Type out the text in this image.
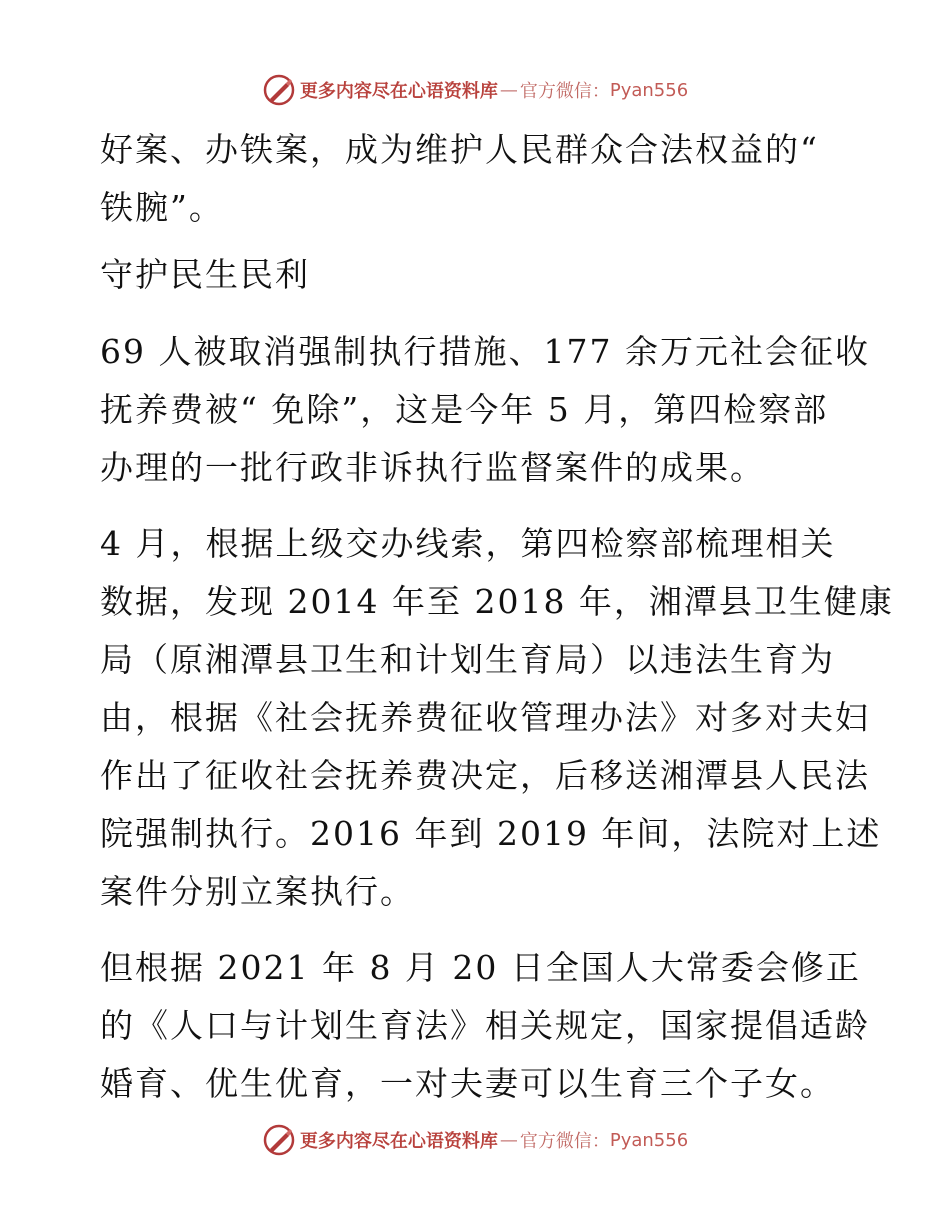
更多内容尽在心语资料库 — 官方微信： Pyan556
好案、办铁案，成为维护人民群众合法权益的“
铁腕”。
守护民生民利
69 人被取消强制执行措施、177 余万元社会征收
抚养费被“ 免除”，这是今年 5 月，第四检察部
办理的一批行政非诉执行监督案件的成果。
4 月，根据上级交办线索，第四检察部梳理相关
数据，发现 2014 年至 2018 年，湘潭县卫生健康
局（原湘潭县卫生和计划生育局）以违法生育为
由，根据《社会抚养费征收管理办法》对多对夫妇
作出了征收社会抚养费决定，后移送湘潭县人民法
院强制执行。2016 年到 2019 年间，法院对上述
案件分别立案执行。
但根据 2021 年 8 月 20 日全国人大常委会修正
的《人口与计划生育法》相关规定，国家提倡适龄
婚育、优生优育，一对夫妻可以生育三个子女。
更多内容尽在心语资料库 — 官方微信： Pyan556
